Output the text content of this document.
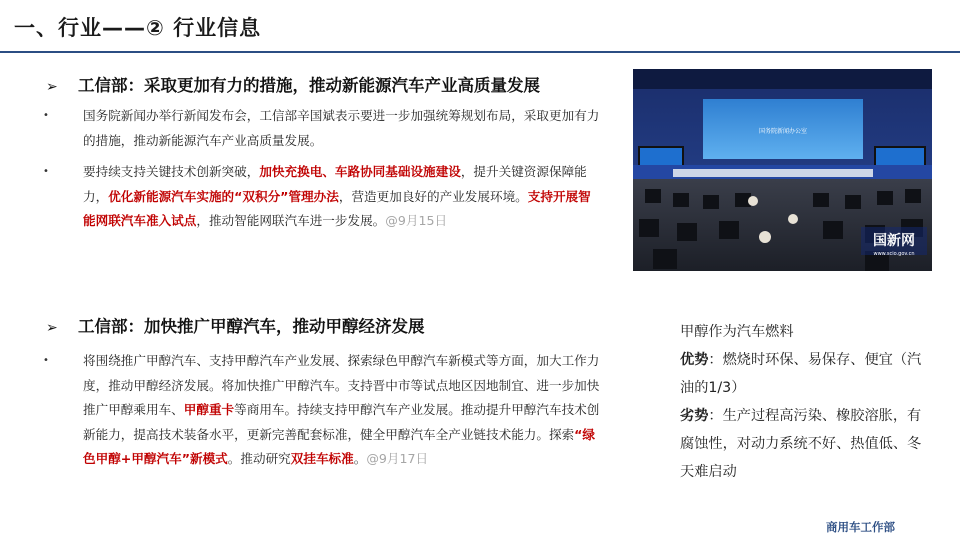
一、行业——② 行业信息
➢ 工信部：采取更加有力的措施，推动新能源汽车产业高质量发展
•	国务院新闻办举行新闻发布会，工信部辛国斌表示要进一步加强统筹规划布局，采取更加有力的措施，推动新能源汽车产业高质量发展。
•	要持续支持关键技术创新突破，加快充换电、车路协同基础设施建设，提升关键资源保障能力，优化新能源汽车实施的“双积分”管理办法，营造更加良好的产业发展环境。支持开展智能网联汽车准入试点，推动智能网联汽车进一步发展。@9月15日
国务院新闻办公室
国新网
www.scio.gov.cn
➢ 工信部：加快推广甲醇汽车，推动甲醇经济发展
•	将围绕推广甲醇汽车、支持甲醇汽车产业发展、探索绿色甲醇汽车新模式等方面，加大工作力度，推动甲醇经济发展。将加快推广甲醇汽车。支持晋中市等试点地区因地制宜、进一步加快推广甲醇乘用车、甲醇重卡等商用车。持续支持甲醇汽车产业发展。推动提升甲醇汽车技术创新能力，提高技术装备水平，更新完善配套标准，健全甲醇汽车全产业链技术能力。探索“绿色甲醇+甲醇汽车”新模式。推动研究双挂车标准。@9月17日
甲醇作为汽车燃料
优势：燃烧时环保、易保存、便宜（汽油的1/3）
劣势：生产过程高污染、橡胶溶胀，有腐蚀性，对动力系统不好、热值低、冬天难启动
商用车工作部
